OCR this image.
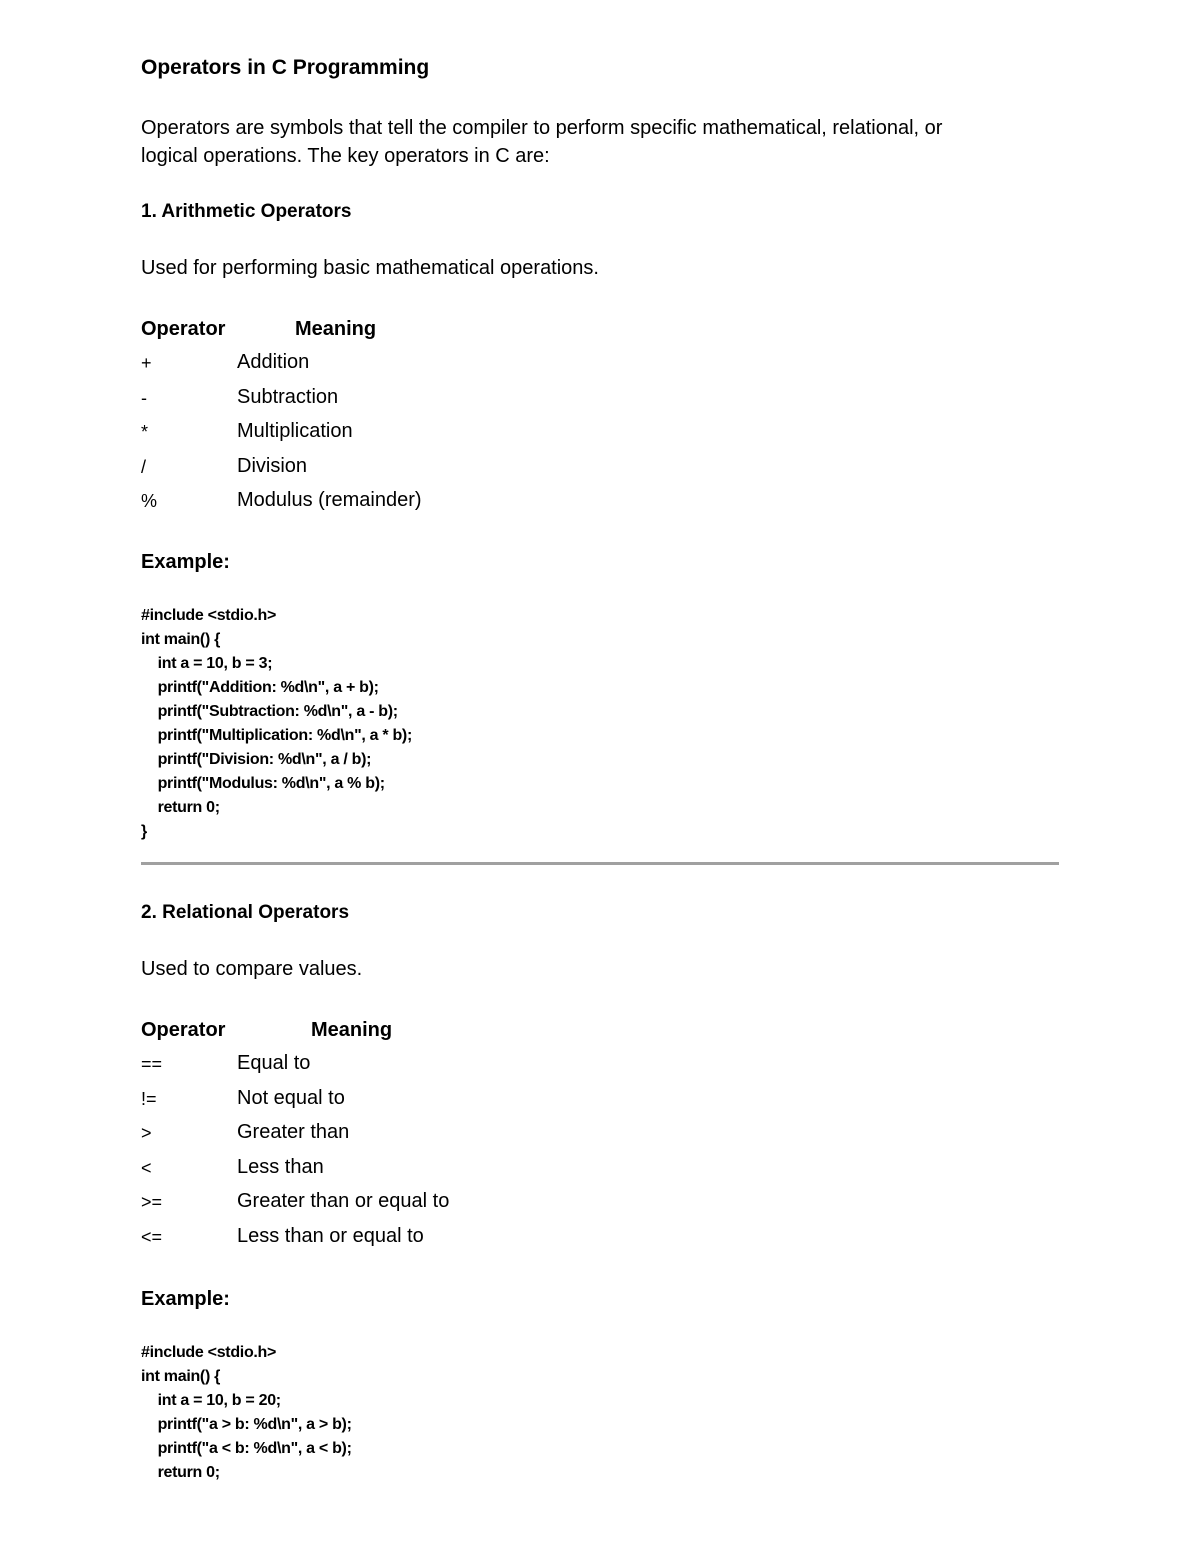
Operators in C Programming
Operators are symbols that tell the compiler to perform specific mathematical, relational, or
logical operations. The key operators in C are:
1. Arithmetic Operators
Used for performing basic mathematical operations.
Operator	Meaning
+	Addition
-	Subtraction
*	Multiplication
/	Division
%	Modulus (remainder)
Example:
#include <stdio.h>
int main() {
int a = 10, b = 3;
printf("Addition: %d\n", a + b);
printf("Subtraction: %d\n", a - b);
printf("Multiplication: %d\n", a * b);
printf("Division: %d\n", a / b);
printf("Modulus: %d\n", a % b);
return 0;
}
2. Relational Operators
Used to compare values.
Operator	Meaning
==	Equal to
!=	Not equal to
>	Greater than
<	Less than
>=	Greater than or equal to
<=	Less than or equal to
Example:
#include <stdio.h>
int main() {
int a = 10, b = 20;
printf("a > b: %d\n", a > b);
printf("a < b: %d\n", a < b);
return 0;
